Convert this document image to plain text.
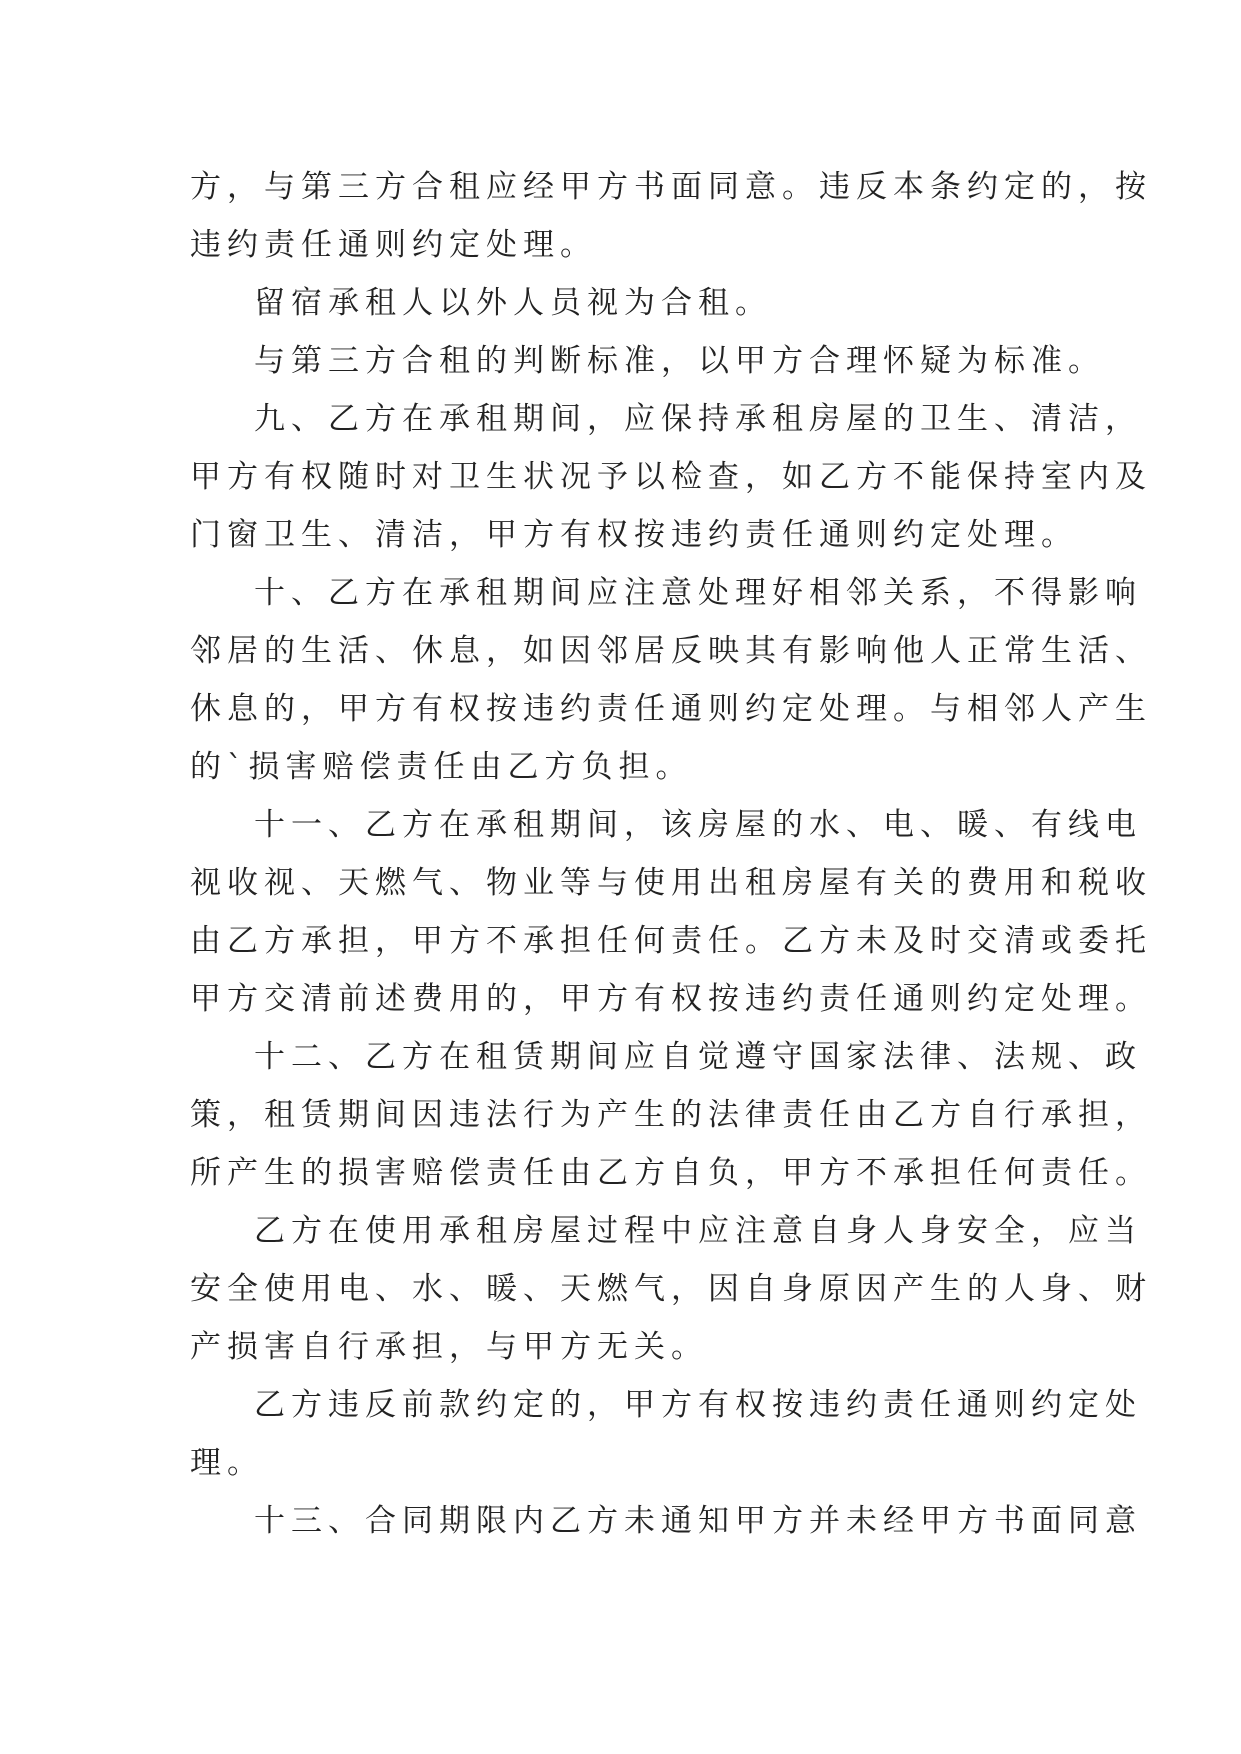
方，与第三方合租应经甲方书面同意。违反本条约定的，按

违约责任通则约定处理。

留宿承租人以外人员视为合租。

与第三方合租的判断标准，以甲方合理怀疑为标准。

九、乙方在承租期间，应保持承租房屋的卫生、清洁，

甲方有权随时对卫生状况予以检查，如乙方不能保持室内及

门窗卫生、清洁，甲方有权按违约责任通则约定处理。

十、乙方在承租期间应注意处理好相邻关系，不得影响

邻居的生活、休息，如因邻居反映其有影响他人正常生活、

休息的，甲方有权按违约责任通则约定处理。与相邻人产生

的`损害赔偿责任由乙方负担。

十一、乙方在承租期间，该房屋的水、电、暖、有线电

视收视、天燃气、物业等与使用出租房屋有关的费用和税收

由乙方承担，甲方不承担任何责任。乙方未及时交清或委托

甲方交清前述费用的，甲方有权按违约责任通则约定处理。

十二、乙方在租赁期间应自觉遵守国家法律、法规、政

策，租赁期间因违法行为产生的法律责任由乙方自行承担，

所产生的损害赔偿责任由乙方自负，甲方不承担任何责任。

乙方在使用承租房屋过程中应注意自身人身安全，应当

安全使用电、水、暖、天燃气，因自身原因产生的人身、财

产损害自行承担，与甲方无关。

乙方违反前款约定的，甲方有权按违约责任通则约定处

理。

十三、合同期限内乙方未通知甲方并未经甲方书面同意
